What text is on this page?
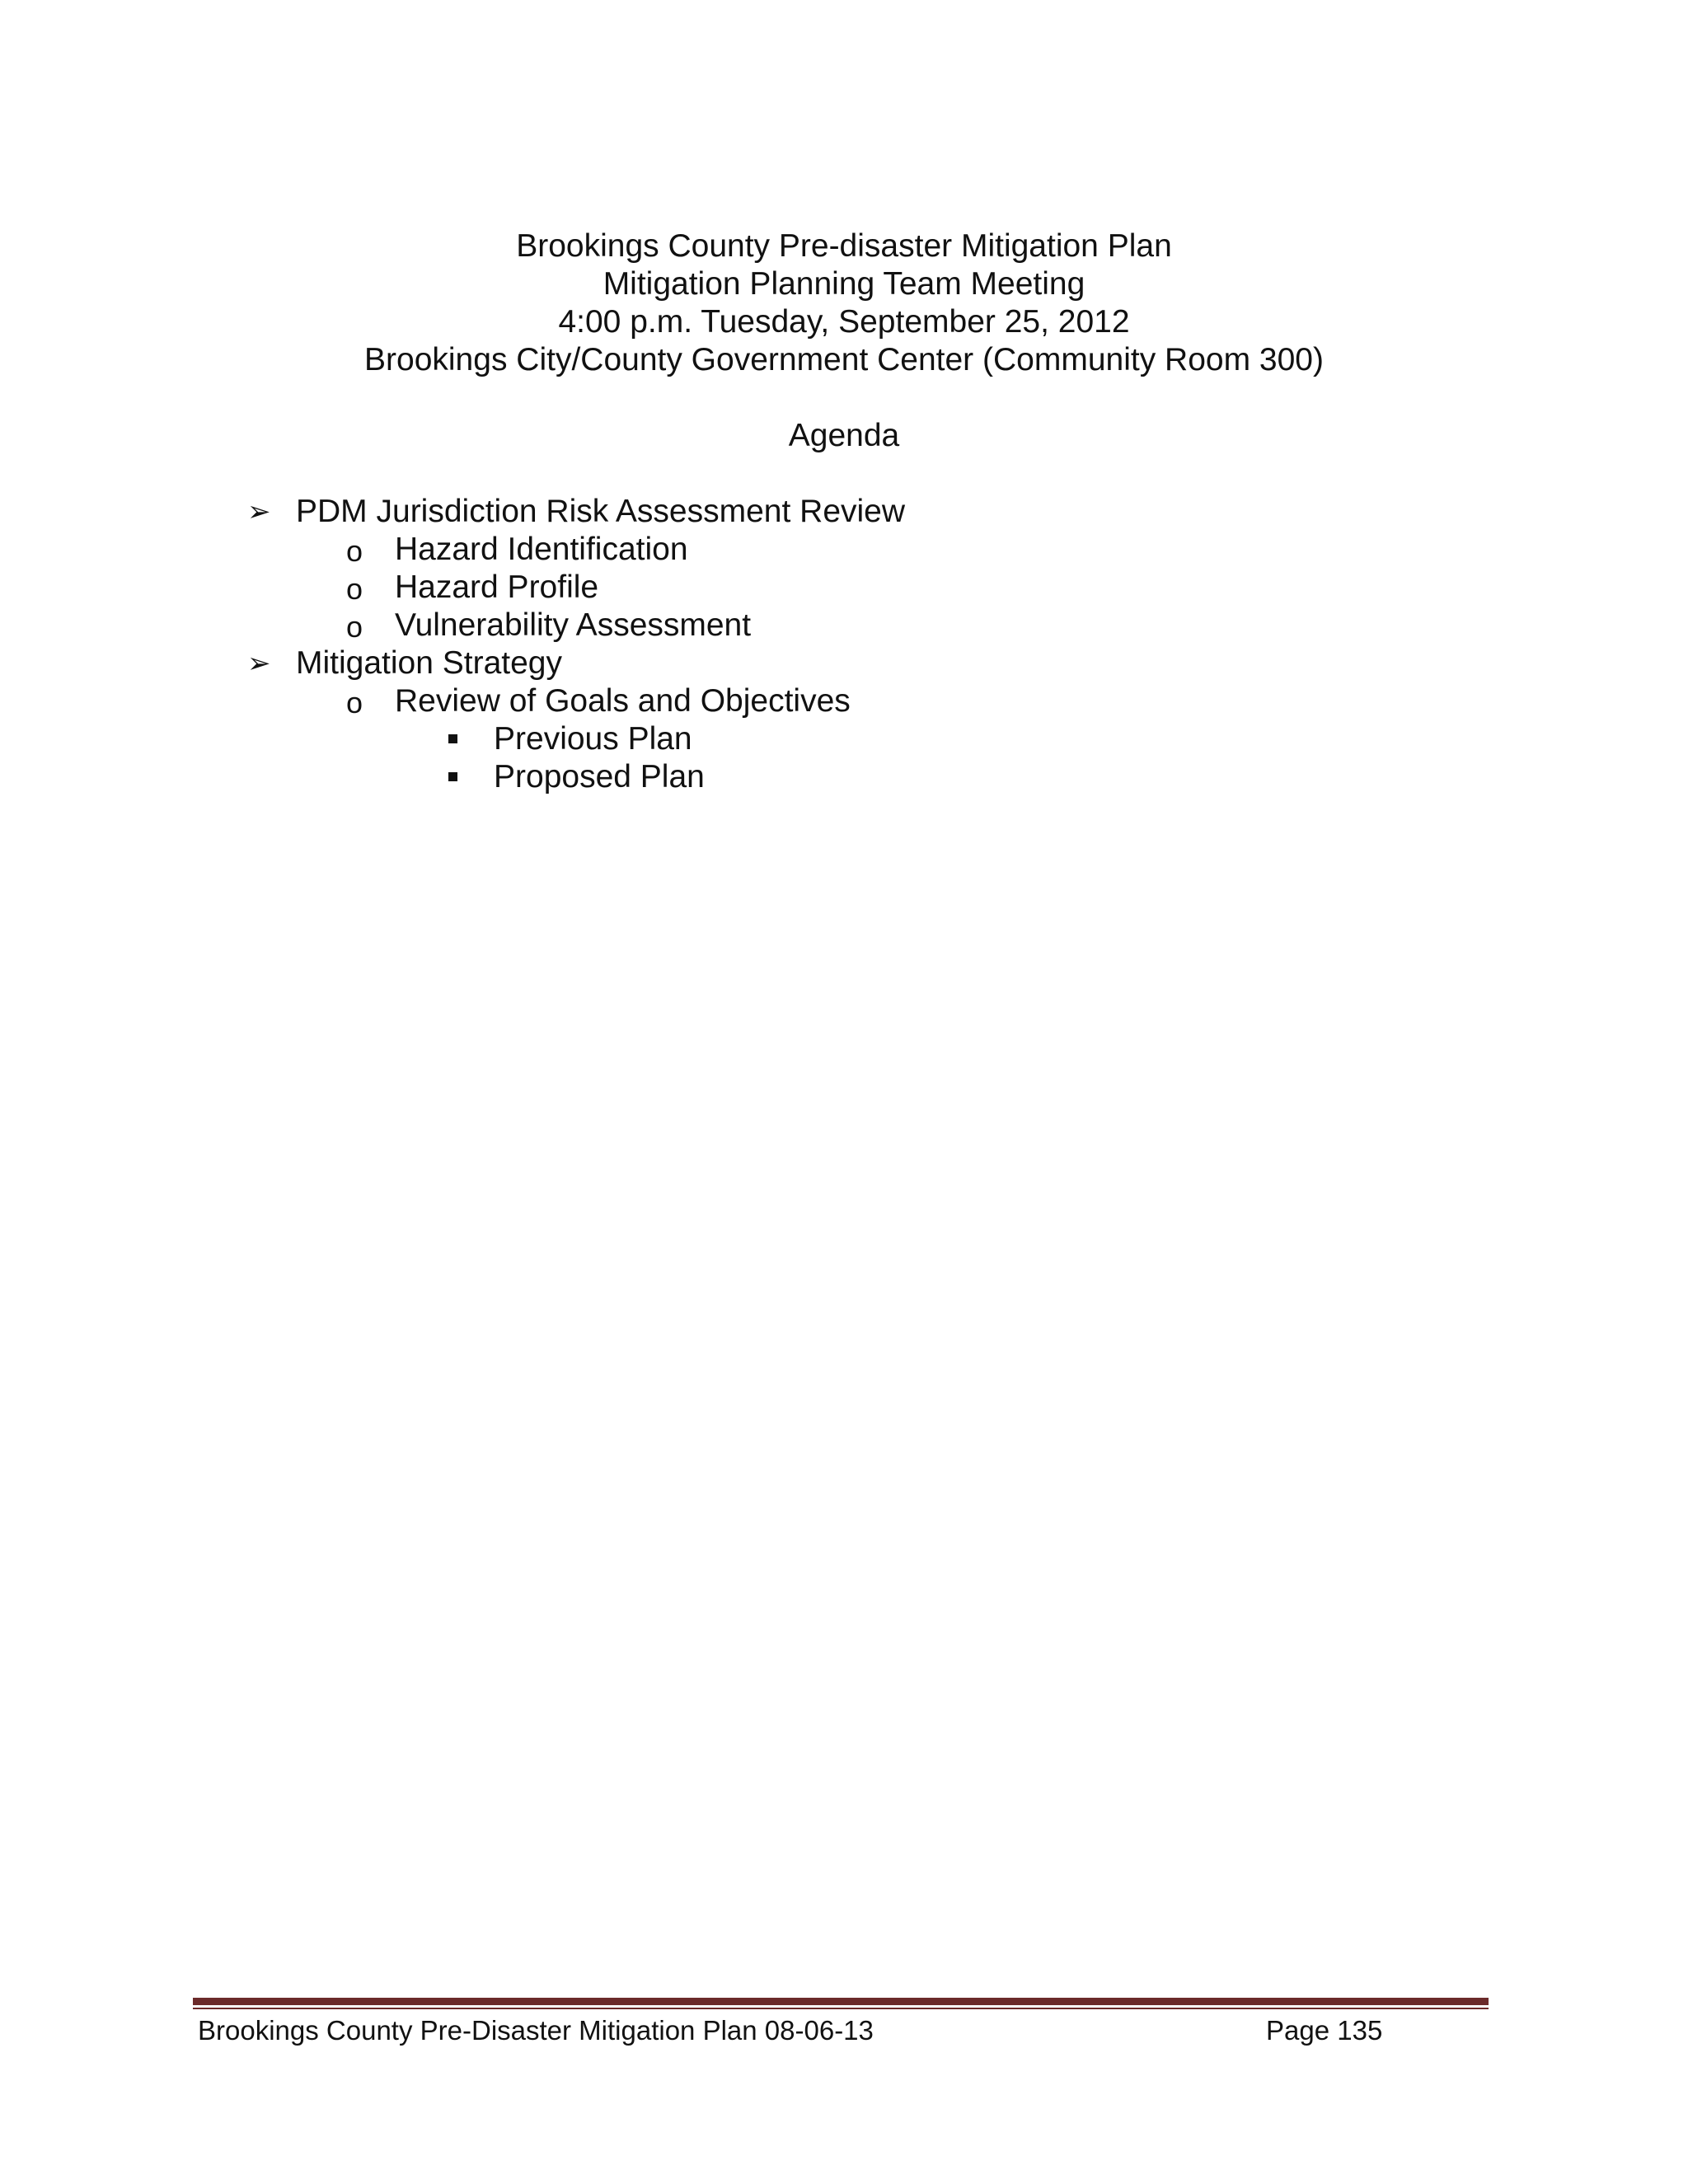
Brookings County Pre-disaster Mitigation Plan
Mitigation Planning Team Meeting
4:00 p.m. Tuesday, September 25, 2012
Brookings City/County Government Center (Community Room 300)
Agenda
➢ PDM Jurisdiction Risk Assessment Review
o Hazard Identification
o Hazard Profile
o Vulnerability Assessment
➢ Mitigation Strategy
o Review of Goals and Objectives
Previous Plan
Proposed Plan
Brookings County Pre-Disaster Mitigation Plan 08-06-13	Page 135
